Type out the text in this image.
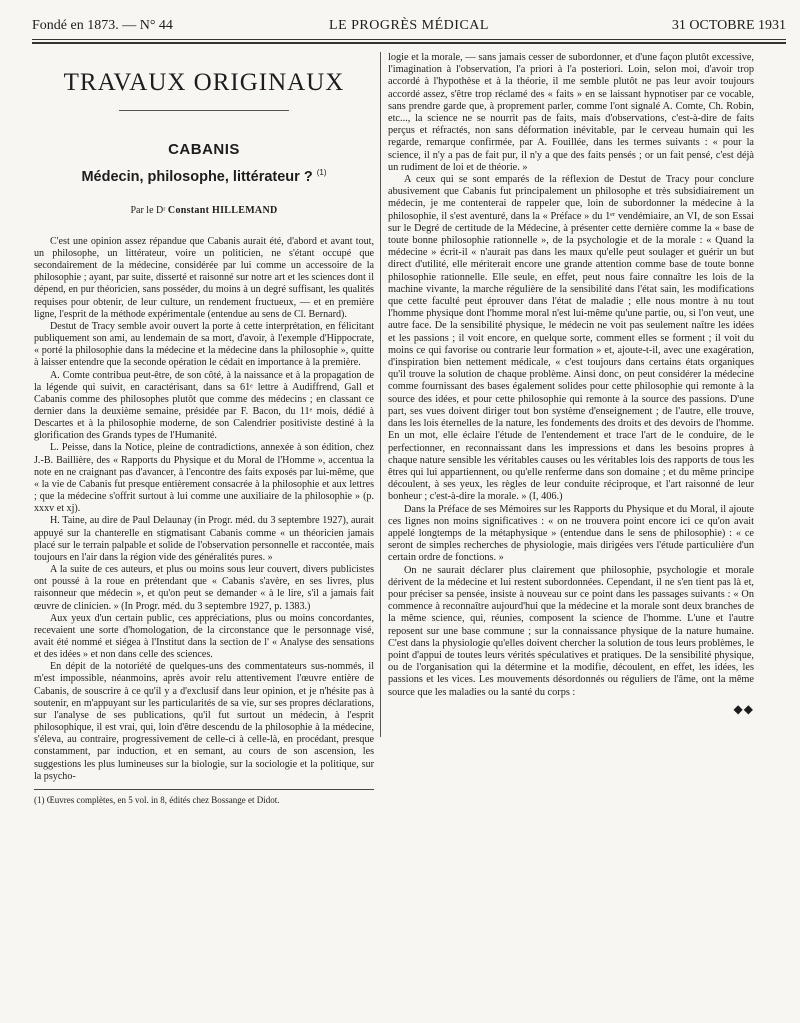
Fondé en 1873. — N° 44	LE PROGRÈS MÉDICAL	31 OCTOBRE 1931
TRAVAUX ORIGINAUX
CABANIS
Médecin, philosophe, littérateur ? $^{(1)}$
Par le Dʳ Constant HILLEMAND

C'est une opinion assez répandue que Cabanis aurait été, d'abord et avant tout, un philosophe, un littérateur, voire un politicien, ne s'étant occupé que secondairement de la médecine, considérée par lui comme un accessoire de la philosophie ; ayant, par suite, disserté et raisonné sur notre art et les sciences dont il dépend, en pur théoricien, sans posséder, du moins à un degré suffisant, les qualités requises pour obtenir, de leur culture, un rendement fructueux, — et en première ligne, l'esprit de la méthode expérimentale (entendue au sens de Cl. Bernard).

Destut de Tracy semble avoir ouvert la porte à cette interprétation, en félicitant publiquement son ami, au lendemain de sa mort, d'avoir, à l'exemple d'Hippocrate, « porté la philosophie dans la médecine et la médecine dans la philosophie », quitte à laisser entendre que la seconde opération le cédait en importance à la première.

A. Comte contribua peut-être, de son côté, à la naissance et à la propagation de la légende qui suivit, en caractérisant, dans sa 61ᵉ lettre à Audiffrend, Gall et Cabanis comme des philosophes plutôt que comme des médecins ; en classant ce dernier dans la deuxième semaine, présidée par F. Bacon, du 11ᵉ mois, dédié à Descartes et à la philosophie moderne, de son Calendrier positiviste destiné à la glorification des Grands types de l'Humanité.

L. Peisse, dans la Notice, pleine de contradictions, annexée à son édition, chez J.-B. Baillière, des « Rapports du Physique et du Moral de l'Homme », accentua la note en ne craignant pas d'avancer, à l'encontre des faits exposés par lui-même, que « la vie de Cabanis fut presque entièrement consacrée à la philosophie et aux lettres ; que la médecine s'offrit surtout à lui comme une auxiliaire de la philosophie » (p. xxxv et xj).

H. Taine, au dire de Paul Delaunay (in Progr. méd. du 3 septembre 1927), aurait appuyé sur la chanterelle en stigmatisant Cabanis comme « un théoricien jamais placé sur le terrain palpable et solide de l'observation personnelle et raccontée, mais toujours en l'air dans la région vide des généralités pures. »

A la suite de ces auteurs, et plus ou moins sous leur couvert, divers publicistes ont poussé à la roue en prétendant que « Cabanis s'avère, en ses livres, plus raisonneur que médecin », et qu'on peut se demander « à le lire, s'il a jamais fait œuvre de clinicien. » (In Progr. méd. du 3 septembre 1927, p. 1383.)

Aux yeux d'un certain public, ces appréciations, plus ou moins concordantes, recevaient une sorte d'homologation, de la circonstance que le personnage visé, avait été nommé et siégea à l'Institut dans la section de l' « Analyse des sensations et des idées » et non dans celle des sciences.

En dépit de la notoriété de quelques-uns des commentateurs sus-nommés, il m'est impossible, néanmoins, après avoir relu attentivement l'œuvre entière de Cabanis, de souscrire à ce qu'il y a d'exclusif dans leur opinion, et je n'hésite pas à soutenir, en m'appuyant sur les particularités de sa vie, sur ses propres déclarations, sur l'analyse de ses publications, qu'il fut surtout un médecin, à l'esprit philosophique, il est vrai, qui, loin d'être descendu de la philosophie à la médecine, s'éleva, au contraire, progressivement de celle-ci à celle-là, en procédant, presque constamment, par induction, et en semant, au cours de son ascension, les suggestions les plus lumineuses sur la biologie, sur la sociologie et la politique, sur la psycho-

(1) Œuvres complètes, en 5 vol. in 8, édités chez Bossange et Didot.

logie et la morale, — sans jamais cesser de subordonner, et d'une façon plutôt excessive, l'imagination à l'observation, l'a priori à l'a posteriori. Loin, selon moi, d'avoir trop accordé à l'hypothèse et à la théorie, il me semble plutôt ne pas leur avoir toujours accordé assez, s'être trop réclamé des « faits » en se laissant hypnotiser par ce vocable, sans prendre garde que, à proprement parler, comme l'ont signalé A. Comte, Ch. Robin, etc..., la science ne se nourrit pas de faits, mais d'observations, c'est-à-dire de faits perçus et réfractés, non sans déformation inévitable, par le cerveau humain qui les regarde, remarque confirmée, par A. Fouillée, dans les termes suivants : « pour la science, il n'y a pas de fait pur, il n'y a que des faits pensés ; or un fait pensé, c'est déjà un rudiment de loi et de théorie. »

A ceux qui se sont emparés de la réflexion de Destut de Tracy pour conclure abusivement que Cabanis fut principalement un philosophe et très subsidiairement un médecin, je me contenterai de rappeler que, loin de subordonner la médecine à la philosophie, il s'est aventuré, dans la « Préface » du 1ᵉʳ vendémiaire, an VI, de son Essai sur le Degré de certitude de la Médecine, à présenter cette dernière comme la « base de toute bonne philosophie rationnelle », de la psychologie et de la morale : « Quand la médecine » écrit-il « n'aurait pas dans les maux qu'elle peut soulager et guérir un but direct d'utilité, elle mériterait encore une grande attention comme base de toute bonne philosophie rationnelle. Elle seule, en effet, peut nous faire connaître les lois de la machine vivante, la marche régulière de la sensibilité dans l'état sain, les modifications que cette faculté peut éprouver dans l'état de maladie ; elle nous montre à nu tout l'homme physique dont l'homme moral n'est lui-même qu'une partie, ou, si l'on veut, une autre face. De la sensibilité physique, le médecin ne voit pas seulement naître les idées et les passions ; il voit encore, en quelque sorte, comment elles se forment ; il voit du moins ce qui favorise ou contrarie leur formation » et, ajoute-t-il, avec une exagération, d'inspiration bien nettement médicale, « c'est toujours dans certains états organiques qu'il trouve la solution de chaque problème. Ainsi donc, on peut considérer la médecine comme fournissant des bases également solides pour cette philosophie qui remonte à la source des idées, et pour cette philosophie qui remonte à la source des passions. D'une part, ses vues doivent diriger tout bon système d'enseignement ; de l'autre, elle trouve, dans les lois éternelles de la nature, les fondements des droits et des devoirs de l'homme. En un mot, elle éclaire l'étude de l'entendement et trace l'art de le conduire, de le perfectionner, en reconnaissant dans les impressions et dans les besoins propres à chaque nature sensible les véritables causes ou les véritables lois des rapports de tous les êtres qui lui appartiennent, ou qu'elle renferme dans son domaine ; et du même principe découlent, à ses yeux, les règles de leur conduite réciproque, et l'art raisonné de leur bonheur ; c'est-à-dire la morale. » (I, 406.)

Dans la Préface de ses Mémoires sur les Rapports du Physique et du Moral, il ajoute ces lignes non moins significatives : « on ne trouvera point encore ici ce qu'on avait appelé longtemps de la métaphysique » (entendue dans le sens de philosophie) : « ce seront de simples recherches de physiologie, mais dirigées vers l'étude particulière d'un certain ordre de fonctions. »

On ne saurait déclarer plus clairement que philosophie, psychologie et morale dérivent de la médecine et lui restent subordonnées. Cependant, il ne s'en tient pas là et, pour préciser sa pensée, insiste à nouveau sur ce point dans les passages suivants : « On commence à reconnaître aujourd'hui que la médecine et la morale sont deux branches de la même science, qui, réunies, composent la science de l'homme. L'une et l'autre reposent sur une base commune ; sur la connaissance physique de la nature humaine. C'est dans la physiologie qu'elles doivent chercher la solution de tous leurs problèmes, le point d'appui de toutes leurs vérités spéculatives et pratiques. De la sensibilité physique, ou de l'organisation qui la détermine et la modifie, découlent, en effet, les idées, les passions et les vices. Les mouvements désordonnés ou réguliers de l'âme, ont la même source que les maladies ou la santé du corps :

◆◆
